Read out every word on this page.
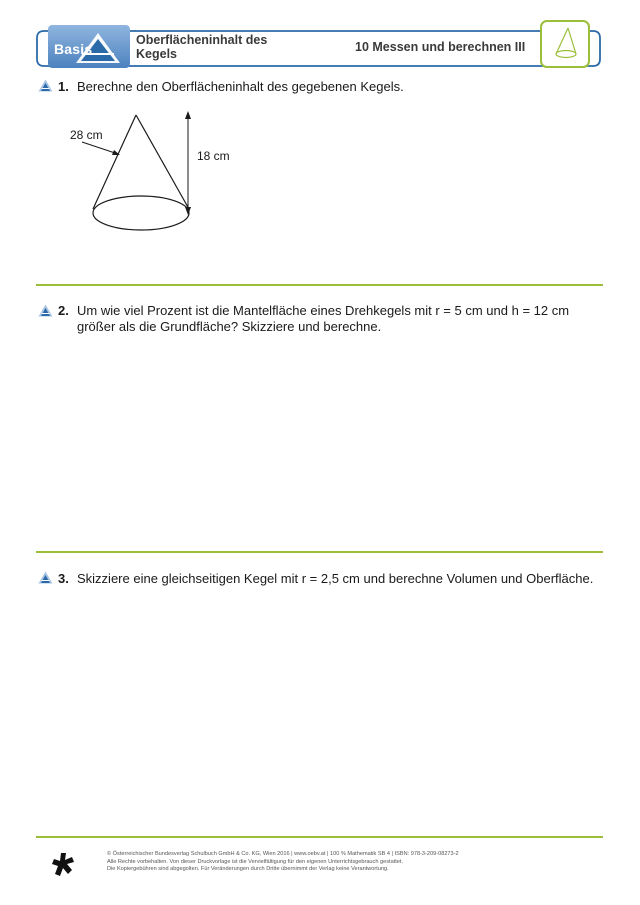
Basis
Oberflächeninhalt des
Kegels	10 Messen und berechnen III
1. Berechne den Oberflächeninhalt des gegebenen Kegels.
28 cm
18 cm
2. Um wie viel Prozent ist die Mantelfläche eines Drehkegels mit r = 5 cm und h = 12 cm
größer als die Grundfläche? Skizziere und berechne.
3. Skizziere eine gleichseitigen Kegel mit r = 2,5 cm und berechne Volumen und Oberfläche.
© Österreichischer Bundesverlag Schulbuch GmbH & Co. KG, Wien 2016 | www.oebv.at | 100 % Mathematik SB 4 | ISBN: 978-3-209-08273-2
Alle Rechte vorbehalten. Von dieser Druckvorlage ist die Vervielfältigung für den eigenen Unterrichtsgebrauch gestattet.
Die Kopiergebühren sind abgegolten. Für Veränderungen durch Dritte übernimmt der Verlag keine Verantwortung.
